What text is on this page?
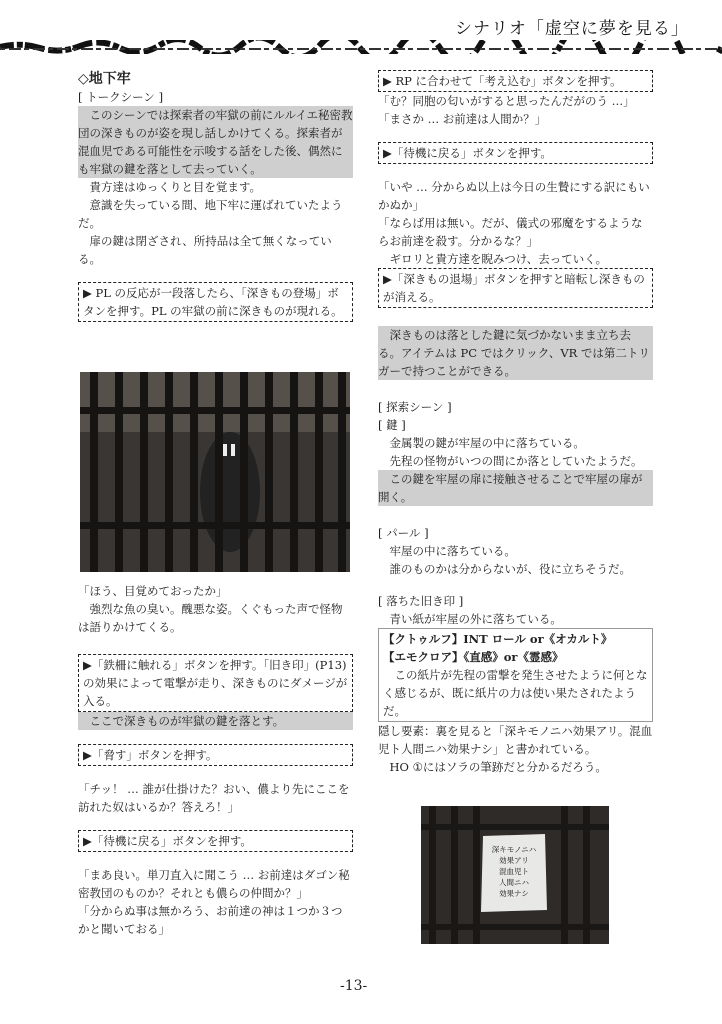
シナリオ「虚空に夢を見る」

◇地下牢

[ トークシーン ]

このシーンでは探索者の牢獄の前にルルイエ秘密教団の深きものが姿を現し話しかけてくる。探索者が混血児である可能性を示唆する話をした後、偶然にも牢獄の鍵を落として去っていく。

貴方達はゆっくりと目を覚ます。

意識を失っている間、地下牢に運ばれていたようだ。

扉の鍵は閉ざされ、所持品は全て無くなっている。

▶ PL の反応が一段落したら、「深きもの登場」ボタンを押す。PL の牢獄の前に深きものが現れる。

「ほう、目覚めておったか」

強烈な魚の臭い。醜悪な姿。くぐもった声で怪物は語りかけてくる。

▶「鉄柵に触れる」ボタンを押す。「旧き印」(P13) の効果によって電撃が走り、深きものにダメージが入る。

ここで深きものが牢獄の鍵を落とす。

▶「脅す」ボタンを押す。

「チッ！ … 誰が仕掛けた？おい、儂より先にここを訪れた奴はいるか？答えろ！」

▶「待機に戻る」ボタンを押す。

「まあ良い。単刀直入に聞こう … お前達はダゴン秘密教団のものか？それとも儂らの仲間か？」

「分からぬ事は無かろう、お前達の神は１つか３つかと聞いておる」

▶ RP に合わせて「考え込む」ボタンを押す。

「む？同胞の匂いがすると思ったんだがのう …」

「まさか … お前達は人間か？」

▶「待機に戻る」ボタンを押す。

「いや … 分からぬ以上は今日の生贄にする訳にもいかぬか」

「ならば用は無い。だが、儀式の邪魔をするようならお前達を殺す。分かるな？」

ギロリと貴方達を睨みつけ、去っていく。

▶「深きもの退場」ボタンを押すと暗転し深きものが消える。

深きものは落とした鍵に気づかないまま立ち去る。アイテムは PC ではクリック、VR では第二トリガーで持つことができる。

[ 探索シーン ]

[ 鍵 ]

金属製の鍵が牢屋の中に落ちている。

先程の怪物がいつの間にか落としていたようだ。

この鍵を牢屋の扉に接触させることで牢屋の扉が開く。

[ パール ]

牢屋の中に落ちている。

誰のものかは分からないが、役に立ちそうだ。

[ 落ちた旧き印 ]

青い紙が牢屋の外に落ちている。

【クトゥルフ】INT ロール or《オカルト》

【エモクロア】《直感》or《霊感》

この紙片が先程の雷撃を発生させたように何となく感じるが、既に紙片の力は使い果たされたようだ。

隠し要素：裏を見ると「深キモノニハ効果アリ。混血児ト人間ニハ効果ナシ」と書かれている。

HO ①にはソラの筆跡だと分かるだろう。

深キモノニハ
効果アリ
混血児ト
人間ニハ
効果ナシ
-13-
